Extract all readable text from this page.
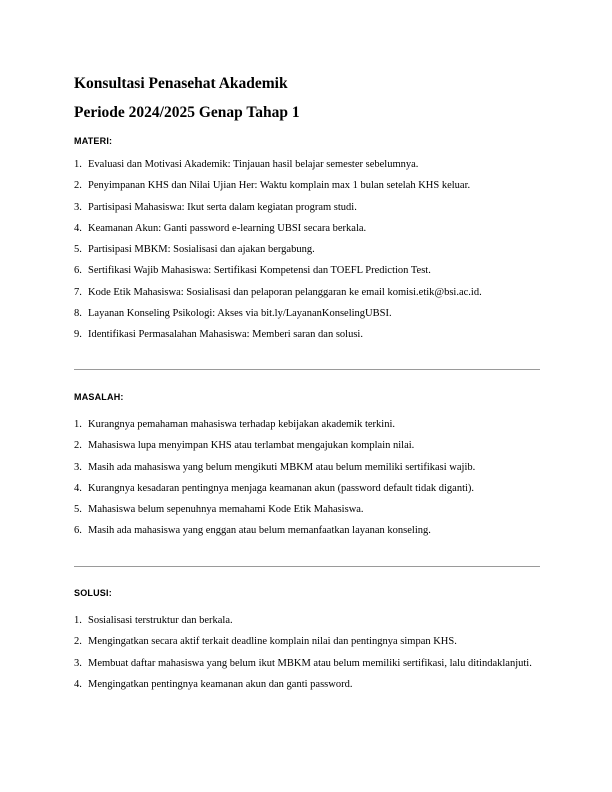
Konsultasi Penasehat Akademik
Periode 2024/2025 Genap Tahap 1
MATERI:
1. Evaluasi dan Motivasi Akademik: Tinjauan hasil belajar semester sebelumnya.
2. Penyimpanan KHS dan Nilai Ujian Her: Waktu komplain max 1 bulan setelah KHS keluar.
3. Partisipasi Mahasiswa: Ikut serta dalam kegiatan program studi.
4. Keamanan Akun: Ganti password e-learning UBSI secara berkala.
5. Partisipasi MBKM: Sosialisasi dan ajakan bergabung.
6. Sertifikasi Wajib Mahasiswa: Sertifikasi Kompetensi dan TOEFL Prediction Test.
7. Kode Etik Mahasiswa: Sosialisasi dan pelaporan pelanggaran ke email komisi.etik@bsi.ac.id.
8. Layanan Konseling Psikologi: Akses via bit.ly/LayananKonselingUBSI.
9. Identifikasi Permasalahan Mahasiswa: Memberi saran dan solusi.
MASALAH:
1. Kurangnya pemahaman mahasiswa terhadap kebijakan akademik terkini.
2. Mahasiswa lupa menyimpan KHS atau terlambat mengajukan komplain nilai.
3. Masih ada mahasiswa yang belum mengikuti MBKM atau belum memiliki sertifikasi wajib.
4. Kurangnya kesadaran pentingnya menjaga keamanan akun (password default tidak diganti).
5. Mahasiswa belum sepenuhnya memahami Kode Etik Mahasiswa.
6. Masih ada mahasiswa yang enggan atau belum memanfaatkan layanan konseling.
SOLUSI:
1. Sosialisasi terstruktur dan berkala.
2. Mengingatkan secara aktif terkait deadline komplain nilai dan pentingnya simpan KHS.
3. Membuat daftar mahasiswa yang belum ikut MBKM atau belum memiliki sertifikasi, lalu ditindaklanjuti.
4. Mengingatkan pentingnya keamanan akun dan ganti password.
